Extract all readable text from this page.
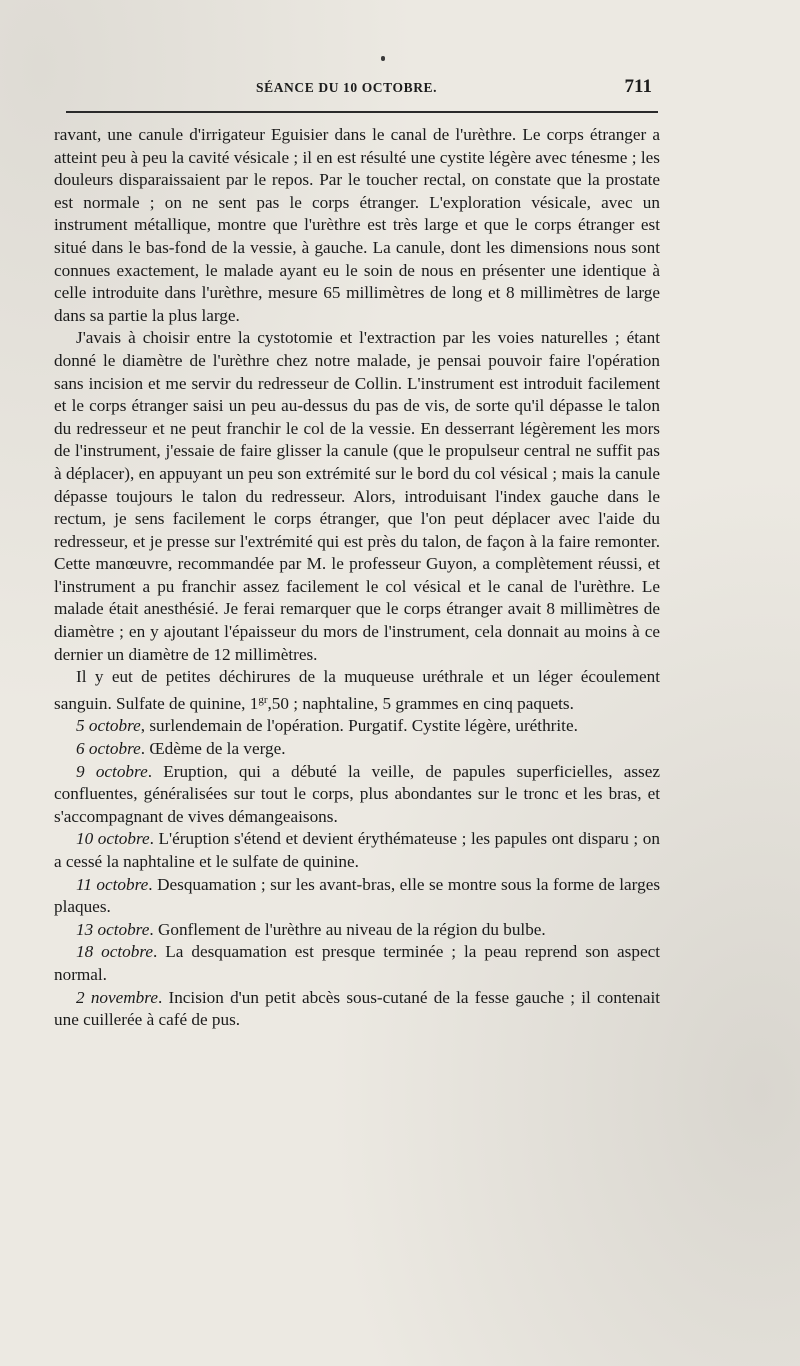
SÉANCE DU 10 OCTOBRE.	711

ravant, une canule d'irrigateur Eguisier dans le canal de l'urèthre. Le corps étranger a atteint peu à peu la cavité vésicale ; il en est résulté une cystite légère avec ténesme ; les douleurs disparaissaient par le repos. Par le toucher rectal, on constate que la prostate est normale ; on ne sent pas le corps étranger. L'exploration vésicale, avec un instrument métallique, montre que l'urèthre est très large et que le corps étranger est situé dans le bas-fond de la vessie, à gauche. La canule, dont les dimensions nous sont connues exactement, le malade ayant eu le soin de nous en présenter une identique à celle introduite dans l'urèthre, mesure 65 millimètres de long et 8 millimètres de large dans sa partie la plus large.

J'avais à choisir entre la cystotomie et l'extraction par les voies naturelles ; étant donné le diamètre de l'urèthre chez notre malade, je pensai pouvoir faire l'opération sans incision et me servir du redresseur de Collin. L'instrument est introduit facilement et le corps étranger saisi un peu au-dessus du pas de vis, de sorte qu'il dépasse le talon du redresseur et ne peut franchir le col de la vessie. En desserrant légèrement les mors de l'instrument, j'essaie de faire glisser la canule (que le propulseur central ne suffit pas à déplacer), en appuyant un peu son extrémité sur le bord du col vésical ; mais la canule dépasse toujours le talon du redresseur. Alors, introduisant l'index gauche dans le rectum, je sens facilement le corps étranger, que l'on peut déplacer avec l'aide du redresseur, et je presse sur l'extrémité qui est près du talon, de façon à la faire remonter. Cette manœuvre, recommandée par M. le professeur Guyon, a complètement réussi, et l'instrument a pu franchir assez facilement le col vésical et le canal de l'urèthre. Le malade était anesthésié. Je ferai remarquer que le corps étranger avait 8 millimètres de diamètre ; en y ajoutant l'épaisseur du mors de l'instrument, cela donnait au moins à ce dernier un diamètre de 12 millimètres.

Il y eut de petites déchirures de la muqueuse uréthrale et un léger écoulement sanguin. Sulfate de quinine, $1^{gr},50$ ; naphtaline, 5 grammes en cinq paquets.

5 octobre, surlendemain de l'opération. Purgatif. Cystite légère, uréthrite.

6 octobre. Œdème de la verge.

9 octobre. Eruption, qui a débuté la veille, de papules superficielles, assez confluentes, généralisées sur tout le corps, plus abondantes sur le tronc et les bras, et s'accompagnant de vives démangeaisons.

10 octobre. L'éruption s'étend et devient érythémateuse ; les papules ont disparu ; on a cessé la naphtaline et le sulfate de quinine.

11 octobre. Desquamation ; sur les avant-bras, elle se montre sous la forme de larges plaques.

13 octobre. Gonflement de l'urèthre au niveau de la région du bulbe.

18 octobre. La desquamation est presque terminée ; la peau reprend son aspect normal.

2 novembre. Incision d'un petit abcès sous-cutané de la fesse gauche ; il contenait une cuillerée à café de pus.
